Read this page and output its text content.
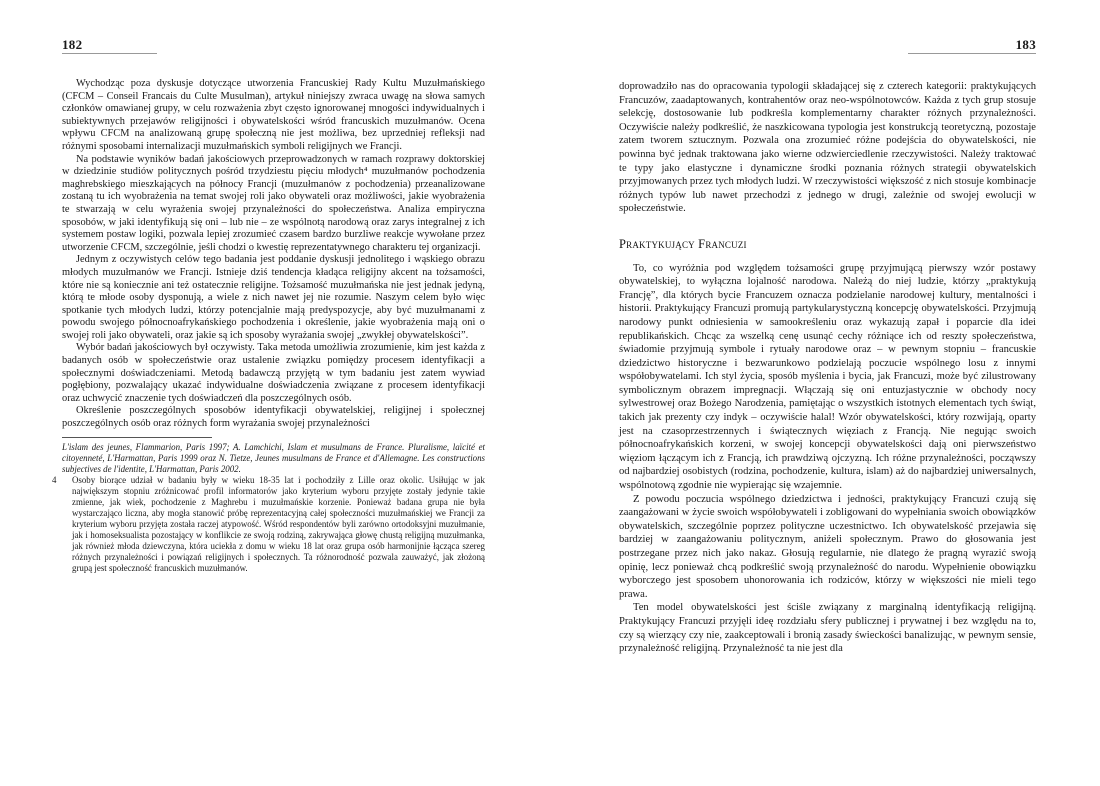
182

Wychodząc poza dyskusje dotyczące utworzenia Francuskiej Rady Kultu Muzułmańskiego (CFCM – Conseil Francais du Culte Musulman), artykuł niniejszy zwraca uwagę na słowa samych członków omawianej grupy, w celu rozważenia zbyt często ignorowanej mnogości indywidualnych i subiektywnych przejawów religijności i obywatelskości wśród francuskich muzułmanów. Ocena wpływu CFCM na analizowaną grupę społeczną nie jest możliwa, bez uprzedniej refleksji nad różnymi sposobami internalizacji muzułmańskich symboli religijnych we Francji.

Na podstawie wyników badań jakościowych przeprowadzonych w ramach rozprawy doktorskiej w dziedzinie studiów politycznych pośród trzydziestu pięciu młodych⁴ muzułmanów pochodzenia maghrebskiego mieszkających na północy Francji (muzułmanów z pochodzenia) przeanalizowane zostaną tu ich wyobrażenia na temat swojej roli jako obywateli oraz możliwości, jakie wyobrażenia te stwarzają w celu wyrażenia swojej przynależności do społeczeństwa. Analiza empiryczna sposobów, w jaki identyfikują się oni – lub nie – ze wspólnotą narodową oraz zarys integralnej z ich systemem postaw logiki, pozwala lepiej zrozumieć czasem bardzo burzliwe reakcje wywołane przez utworzenie CFCM, szczególnie, jeśli chodzi o kwestię reprezentatywnego charakteru tej organizacji.

Jednym z oczywistych celów tego badania jest poddanie dyskusji jednolitego i wąskiego obrazu młodych muzułmanów we Francji. Istnieje dziś tendencja kładąca religijny akcent na tożsamości, które nie są koniecznie ani też ostatecznie religijne. Tożsamość muzułmańska nie jest jednak jedyną, którą te młode osoby dysponują, a wiele z nich nawet jej nie rozumie. Naszym celem było więc spotkanie tych młodych ludzi, którzy potencjalnie mają predyspozycje, aby być muzułmanami z powodu swojego północnoafrykańskiego pochodzenia i określenie, jakie wyobrażenia mają oni o swojej roli jako obywateli, oraz jakie są ich sposoby wyrażania swojej „zwykłej obywatelskości”.

Wybór badań jakościowych był oczywisty. Taka metoda umożliwia zrozumienie, kim jest każda z badanych osób w społeczeństwie oraz ustalenie związku pomiędzy procesem identyfikacji a społecznymi doświadczeniami. Metodą badawczą przyjętą w tym badaniu jest zatem wywiad pogłębiony, pozwalający ukazać indywidualne doświadczenia związane z procesem identyfikacji oraz uchwycić znaczenie tych doświadczeń dla poszczególnych osób.

Określenie poszczególnych sposobów identyfikacji obywatelskiej, religijnej i społecznej poszczególnych osób oraz różnych form wyrażania swojej przynależności

L'islam des jeunes, Flammarion, Paris 1997; A. Lamchichi, Islam et musulmans de France. Pluralisme, laïcité et citoyenneté, L'Harmattan, Paris 1999 oraz N. Tietze, Jeunes musulmans de France et d'Allemagne. Les constructions subjectives de l'identite, L'Harmattan, Paris 2002.

4 Osoby biorące udział w badaniu były w wieku 18-35 lat i pochodziły z Lille oraz okolic. Usiłując w jak największym stopniu zróżnicować profil informatorów jako kryterium wyboru przyjęte zostały jedynie takie zmienne, jak wiek, pochodzenie z Maghrebu i muzułmańskie korzenie. Ponieważ badana grupa nie była wystarczająco liczna, aby mogła stanowić próbę reprezentacyjną całej społeczności muzułmańskiej we Francji za kryterium wyboru przyjęta została raczej atypowość. Wśród respondentów byli zarówno ortodoksyjni muzułmanie, jak i homoseksualista pozostający w konflikcie ze swoją rodziną, zakrywająca głowę chustą religijną muzułmanka, jak również młoda dziewczyna, która uciekła z domu w wieku 18 lat oraz grupa osób harmonijnie łącząca szereg różnych przynależności i powiązań religijnych i społecznych. Ta różnorodność pozwala zauważyć, jak złożoną grupą jest społeczność francuskich muzułmanów.

183

doprowadziło nas do opracowania typologii składającej się z czterech kategorii: praktykujących Francuzów, zaadaptowanych, kontrahentów oraz neo-wspólnotowców. Każda z tych grup stosuje selekcję, dostosowanie lub podkreśla komplementarny charakter różnych przynależności. Oczywiście należy podkreślić, że naszkicowana typologia jest konstrukcją teoretyczną, pozostaje zatem tworem sztucznym. Pozwala ona zrozumieć różne podejścia do obywatelskości, nie powinna być jednak traktowana jako wierne odzwierciedlenie rzeczywistości. Należy traktować te typy jako elastyczne i dynamiczne środki poznania różnych strategii obywatelskich przyjmowanych przez tych młodych ludzi. W rzeczywistości większość z nich stosuje kombinacje różnych typów lub nawet przechodzi z jednego w drugi, zależnie od swojej ewolucji w społeczeństwie.

Praktykujący Francuzi

To, co wyróżnia pod względem tożsamości grupę przyjmującą pierwszy wzór postawy obywatelskiej, to wyłączna lojalność narodowa. Należą do niej ludzie, którzy „praktykują Francję”, dla których bycie Francuzem oznacza podzielanie narodowej kultury, mentalności i historii. Praktykujący Francuzi promują partykularystyczną koncepcję obywatelskości. Przyjmują narodowy punkt odniesienia w samookreśleniu oraz wykazują zapał i poparcie dla idei republikańskich. Chcąc za wszelką cenę usunąć cechy różniące ich od reszty społeczeństwa, świadomie przyjmują symbole i rytuały narodowe oraz – w pewnym stopniu – francuskie dziedzictwo historyczne i bezwarunkowo podzielają poczucie wspólnego losu z innymi współobywatelami. Ich styl życia, sposób myślenia i bycia, jak Francuzi, może być zilustrowany symbolicznym obrazem impregnacji. Włączają się oni entuzjastycznie w obchody nocy sylwestrowej oraz Bożego Narodzenia, pamiętając o wszystkich istotnych elementach tych świąt, takich jak prezenty czy indyk – oczywiście halal! Wzór obywatelskości, który rozwijają, oparty jest na czasoprzestrzennych i świątecznych więziach z Francją. Nie negując swoich północnoafrykańskich korzeni, w swojej koncepcji obywatelskości dają oni pierwszeństwo więziom łączącym ich z Francją, ich prawdziwą ojczyzną. Ich różne przynależności, począwszy od najbardziej osobistych (rodzina, pochodzenie, kultura, islam) aż do najbardziej uniwersalnych, wspólnotową zgodnie nie wypierając się wzajemnie.

Z powodu poczucia wspólnego dziedzictwa i jedności, praktykujący Francuzi czują się zaangażowani w życie swoich współobywateli i zobligowani do wypełniania swoich obowiązków obywatelskich, szczególnie poprzez polityczne uczestnictwo. Ich obywatelskość przejawia się bardziej w zaangażowaniu politycznym, aniżeli społecznym. Prawo do głosowania jest postrzegane przez nich jako nakaz. Głosują regularnie, nie dlatego że pragną wyrazić swoją opinię, lecz ponieważ chcą podkreślić swoją przynależność do narodu. Wypełnienie obowiązku wyborczego jest sposobem uhonorowania ich rodziców, którzy w większości nie mieli tego prawa.

Ten model obywatelskości jest ściśle związany z marginalną identyfikacją religijną. Praktykujący Francuzi przyjęli ideę rozdziału sfery publicznej i prywatnej i bez względu na to, czy są wierzący czy nie, zaakceptowali i bronią zasady świeckości banalizując, w pewnym sensie, przynależność religijną. Przynależność ta nie jest dla
